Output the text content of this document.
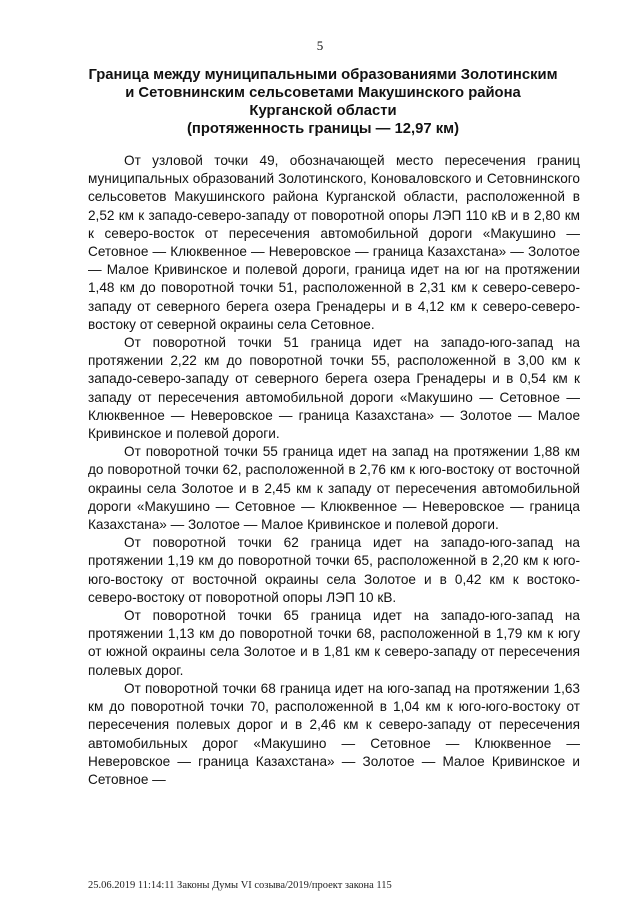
5
Граница между муниципальными образованиями Золотинским
и Сетовнинским сельсоветами Макушинского района
Курганской области
(протяженность границы — 12,97 км)

От узловой точки 49, обозначающей место пересечения границ муниципальных образований Золотинского, Коноваловского и Сетовнинского сельсоветов Макушинского района Курганской области, расположенной в 2,52 км к западо-северо-западу от поворотной опоры ЛЭП 110 кВ и в 2,80 км к северо-восток от пересечения автомобильной дороги «Макушино — Сетовное — Клюквенное — Неверовское — граница Казахстана» — Золотое — Малое Кривинское и полевой дороги, граница идет на юг на протяжении 1,48 км до поворотной точки 51, расположенной в 2,31 км к северо-северо-западу от северного берега озера Гренадеры и в 4,12 км к северо-северо-востоку от северной окраины села Сетовное.

От поворотной точки 51 граница идет на западо-юго-запад на протяжении 2,22 км до поворотной точки 55, расположенной в 3,00 км к западо-северо-западу от северного берега озера Гренадеры и в 0,54 км к западу от пересечения автомобильной дороги «Макушино — Сетовное — Клюквенное — Неверовское — граница Казахстана» — Золотое — Малое Кривинское и полевой дороги.

От поворотной точки 55 граница идет на запад на протяжении 1,88 км до поворотной точки 62, расположенной в 2,76 км к юго-востоку от восточной окраины села Золотое и в 2,45 км к западу от пересечения автомобильной дороги «Макушино — Сетовное — Клюквенное — Неверовское — граница Казахстана» — Золотое — Малое Кривинское и полевой дороги.

От поворотной точки 62 граница идет на западо-юго-запад на протяжении 1,19 км до поворотной точки 65, расположенной в 2,20 км к юго-юго-востоку от восточной окраины села Золотое и в 0,42 км к востоко-северо-востоку от поворотной опоры ЛЭП 10 кВ.

От поворотной точки 65 граница идет на западо-юго-запад на протяжении 1,13 км до поворотной точки 68, расположенной в 1,79 км к югу от южной окраины села Золотое и в 1,81 км к северо-западу от пересечения полевых дорог.

От поворотной точки 68 граница идет на юго-запад на протяжении 1,63 км до поворотной точки 70, расположенной в 1,04 км к юго-юго-востоку от пересечения полевых дорог и в 2,46 км к северо-западу от пересечения автомобильных дорог «Макушино — Сетовное — Клюквенное — Неверовское — граница Казахстана» — Золотое — Малое Кривинское и Сетовное —

25.06.2019 11:14:11 Законы Думы VI созыва/2019/проект закона 115
